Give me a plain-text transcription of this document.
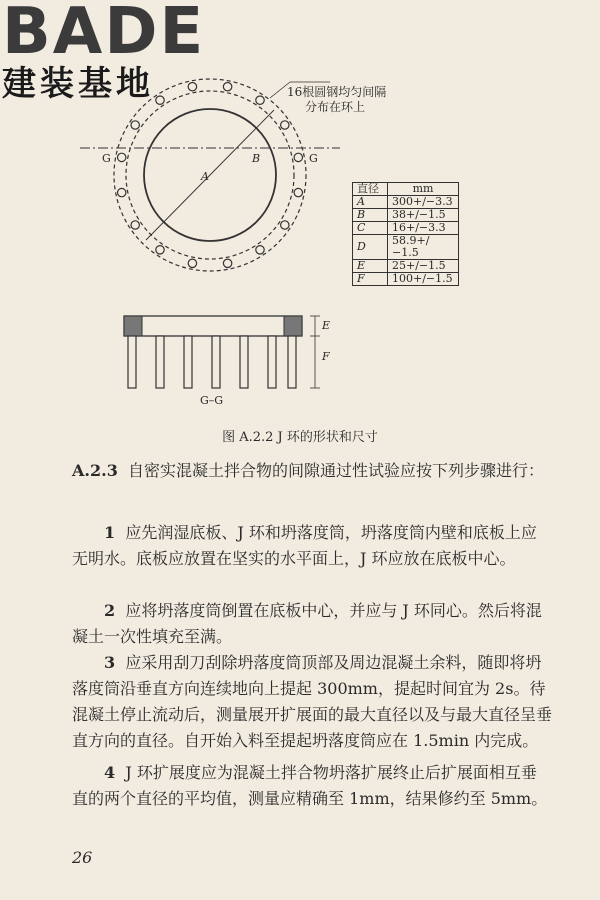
BADE
建装基地	16根圆钢均匀间隔
分布在环上
A
B
G	G
直径	mm
A	300+/−3.3
B	38+/−1.5
C	16+/−3.3
D	58.9+/−1.5
E	25+/−1.5
F	100+/−1.5
E
F
G–G
图 A.2.2 J 环的形状和尺寸
A.2.3 自密实混凝土拌合物的间隙通过性试验应按下列步骤进行：
1 应先润湿底板、J 环和坍落度筒，坍落度筒内壁和底板上应无明水。底板应放置在坚实的水平面上，J 环应放在底板中心。
2 应将坍落度筒倒置在底板中心，并应与 J 环同心。然后将混凝土一次性填充至满。
3 应采用刮刀刮除坍落度筒顶部及周边混凝土余料，随即将坍落度筒沿垂直方向连续地向上提起 300mm，提起时间宜为 2s。待混凝土停止流动后，测量展开扩展面的最大直径以及与最大直径呈垂直方向的直径。自开始入料至提起坍落度筒应在 1.5min 内完成。
4 J 环扩展度应为混凝土拌合物坍落扩展终止后扩展面相互垂直的两个直径的平均值，测量应精确至 1mm，结果修约至 5mm。
26
